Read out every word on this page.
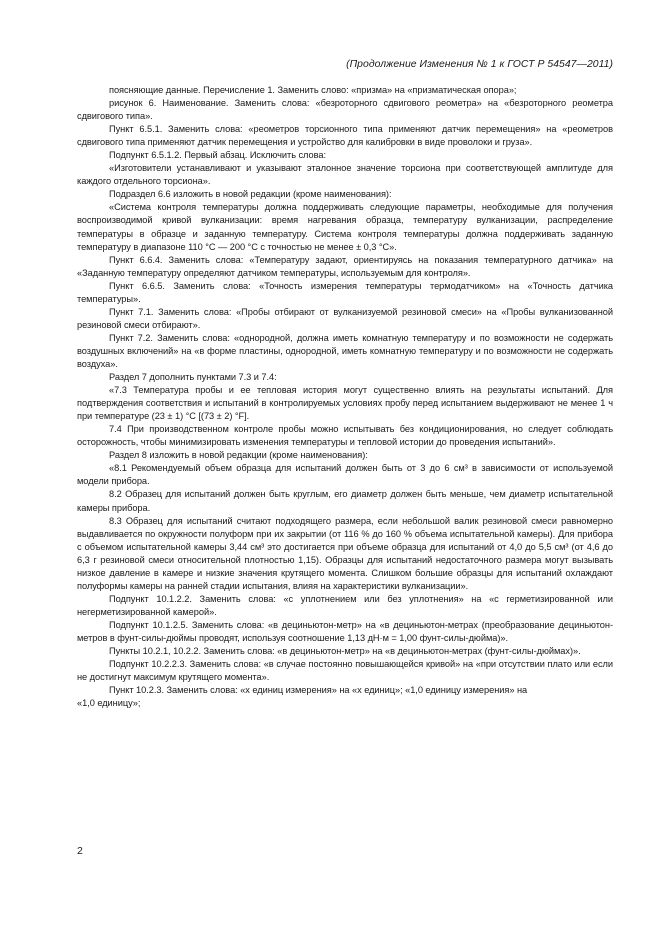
(Продолжение Изменения № 1 к ГОСТ Р 54547—2011)

поясняющие данные. Перечисление 1. Заменить слово: «призма» на «призматическая опора»;

рисунок 6. Наименование. Заменить слова: «безроторного сдвигового реометра» на «безроторного реометра сдвигового типа».

Пункт 6.5.1. Заменить слова: «реометров торсионного типа применяют датчик перемещения» на «реометров сдвигового типа применяют датчик перемещения и устройство для калибровки в виде проволоки и груза».

Подпункт 6.5.1.2. Первый абзац. Исключить слова:

«Изготовители устанавливают и указывают эталонное значение торсиона при соответствующей амплитуде для каждого отдельного торсиона».

Подраздел 6.6 изложить в новой редакции (кроме наименования):

«Система контроля температуры должна поддерживать следующие параметры, необходимые для получения воспроизводимой кривой вулканизации: время нагревания образца, температуру вулканизации, распределение температуры в образце и заданную температуру. Система контроля температуры должна поддерживать заданную температуру в диапазоне 110 °С — 200 °С с точностью не менее ± 0,3 °С».

Пункт 6.6.4. Заменить слова: «Температуру задают, ориентируясь на показания температурного датчика» на «Заданную температуру определяют датчиком температуры, используемым для контроля».

Пункт 6.6.5. Заменить слова: «Точность измерения температуры термодатчиком» на «Точность датчика температуры».

Пункт 7.1. Заменить слова: «Пробы отбирают от вулканизуемой резиновой смеси» на «Пробы вулканизованной резиновой смеси отбирают».

Пункт 7.2. Заменить слова: «однородной, должна иметь комнатную температуру и по возможности не содержать воздушных включений» на «в форме пластины, однородной, иметь комнатную температуру и по возможности не содержать воздуха».

Раздел 7 дополнить пунктами 7.3 и 7.4:

«7.3 Температура пробы и ее тепловая история могут существенно влиять на результаты испытаний. Для подтверждения соответствия и испытаний в контролируемых условиях пробу перед испытанием выдерживают не менее 1 ч при температуре (23 ± 1) °С [(73 ± 2) °F].

7.4 При производственном контроле пробы можно испытывать без кондиционирования, но следует соблюдать осторожность, чтобы минимизировать изменения температуры и тепловой истории до проведения испытаний».

Раздел 8 изложить в новой редакции (кроме наименования):

«8.1 Рекомендуемый объем образца для испытаний должен быть от 3 до 6 см³ в зависимости от используемой модели прибора.

8.2 Образец для испытаний должен быть круглым, его диаметр должен быть меньше, чем диаметр испытательной камеры прибора.

8.3 Образец для испытаний считают подходящего размера, если небольшой валик резиновой смеси равномерно выдавливается по окружности полуформ при их закрытии (от 116 % до 160 % объема испытательной камеры). Для прибора с объемом испытательной камеры 3,44 см³ это достигается при объеме образца для испытаний от 4,0 до 5,5 см³ (от 4,6 до 6,3 г резиновой смеси относительной плотностью 1,15). Образцы для испытаний недостаточного размера могут вызывать низкое давление в камере и низкие значения крутящего момента. Слишком большие образцы для испытаний охлаждают полуформы камеры на ранней стадии испытания, влияя на характеристики вулканизации».

Подпункт 10.1.2.2. Заменить слова: «с уплотнением или без уплотнения» на «с герметизированной или негерметизированной камерой».

Подпункт 10.1.2.5. Заменить слова: «в дециньютон-метр» на «в дециньютон-метрах (преобразование дециньютон-метров в фунт-силы-дюймы проводят, используя соотношение 1,13 дН·м = 1,00 фунт-силы-дюйма)».

Пункты 10.2.1, 10.2.2. Заменить слова: «в дециньютон-метр» на «в дециньютон-метрах (фунт-силы-дюймах)».

Подпункт 10.2.2.3. Заменить слова: «в случае постоянно повышающейся кривой» на «при отсутствии плато или если не достигнут максимум крутящего момента».

Пункт 10.2.3. Заменить слова: «x единиц измерения» на «x единиц»; «1,0 единицу измерения» на

«1,0 единицу»;

2
